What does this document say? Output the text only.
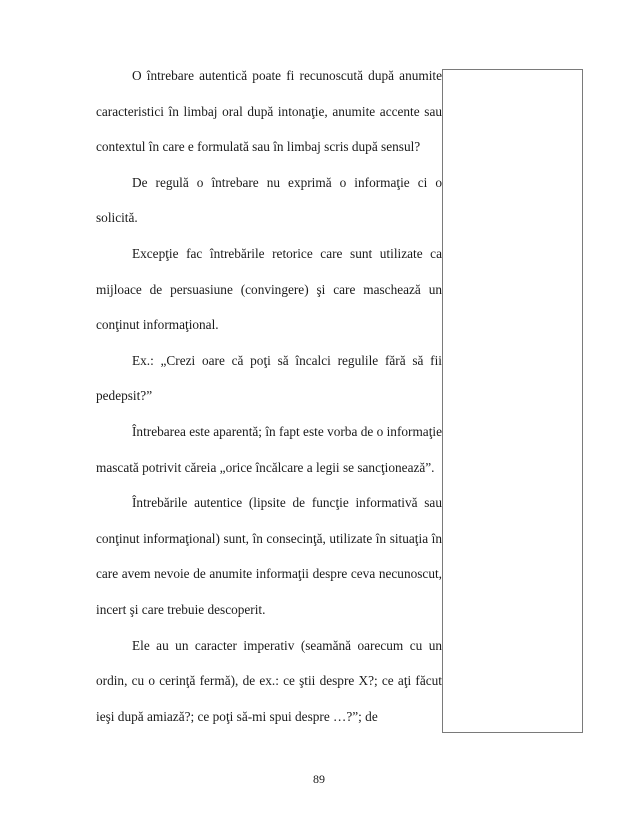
O întrebare autentică poate fi recunoscută după anumite caracteristici în limbaj oral după intonaţie, anumite accente sau contextul în care e formulată sau în limbaj scris după sensul?

De regulă o întrebare nu exprimă o informaţie ci o solicită.

Excepţie fac întrebările retorice care sunt utilizate ca mijloace de persuasiune (convingere) şi care maschează un conţinut informaţional.

Ex.: „Crezi oare că poţi să încalci regulile fără să fii pedepsit?”

Întrebarea este aparentă; în fapt este vorba de o informaţie mascată potrivit căreia „orice încălcare a legii se sancţionează”.

Întrebările autentice (lipsite de funcţie informativă sau conţinut informaţional) sunt, în consecinţă, utilizate în situaţia în care avem nevoie de anumite informaţii despre ceva necunoscut, incert şi care trebuie descoperit.

Ele au un caracter imperativ (seamănă oarecum cu un ordin, cu o cerinţă fermă), de ex.: ce ştii despre X?; ce aţi făcut ieşi după amiază?; ce poţi să-mi spui despre …?”; de

89
